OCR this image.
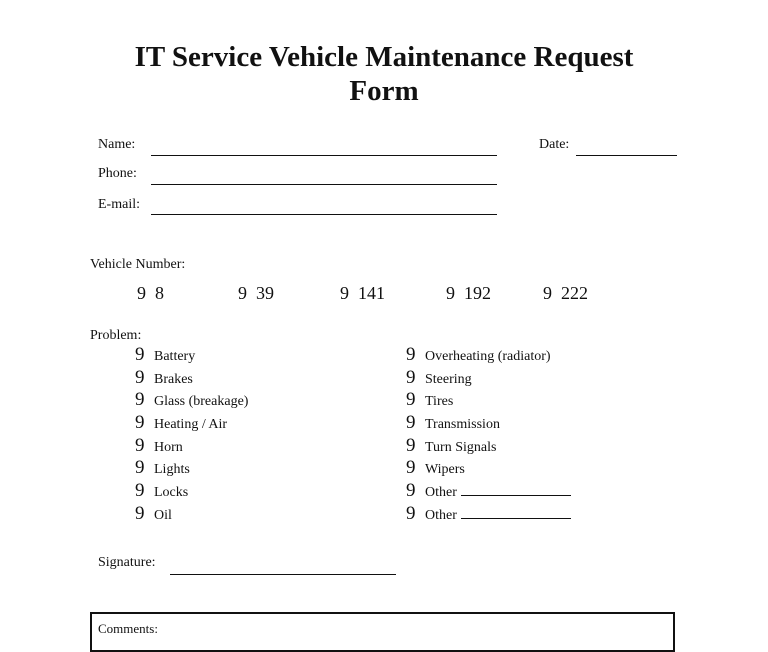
IT Service Vehicle Maintenance Request
Form
Name:
Phone:
E-mail:
Date:
Vehicle Number:
9 8	9 39	9 141	9 192	9 222
Problem:
9 Battery
9 Brakes
9 Glass (breakage)
9 Heating / Air
9 Horn
9 Lights
9 Locks
9 Oil
9 Overheating (radiator)
9 Steering
9 Tires
9 Transmission
9 Turn Signals
9 Wipers
9 Other
9 Other
Signature:
Comments:
